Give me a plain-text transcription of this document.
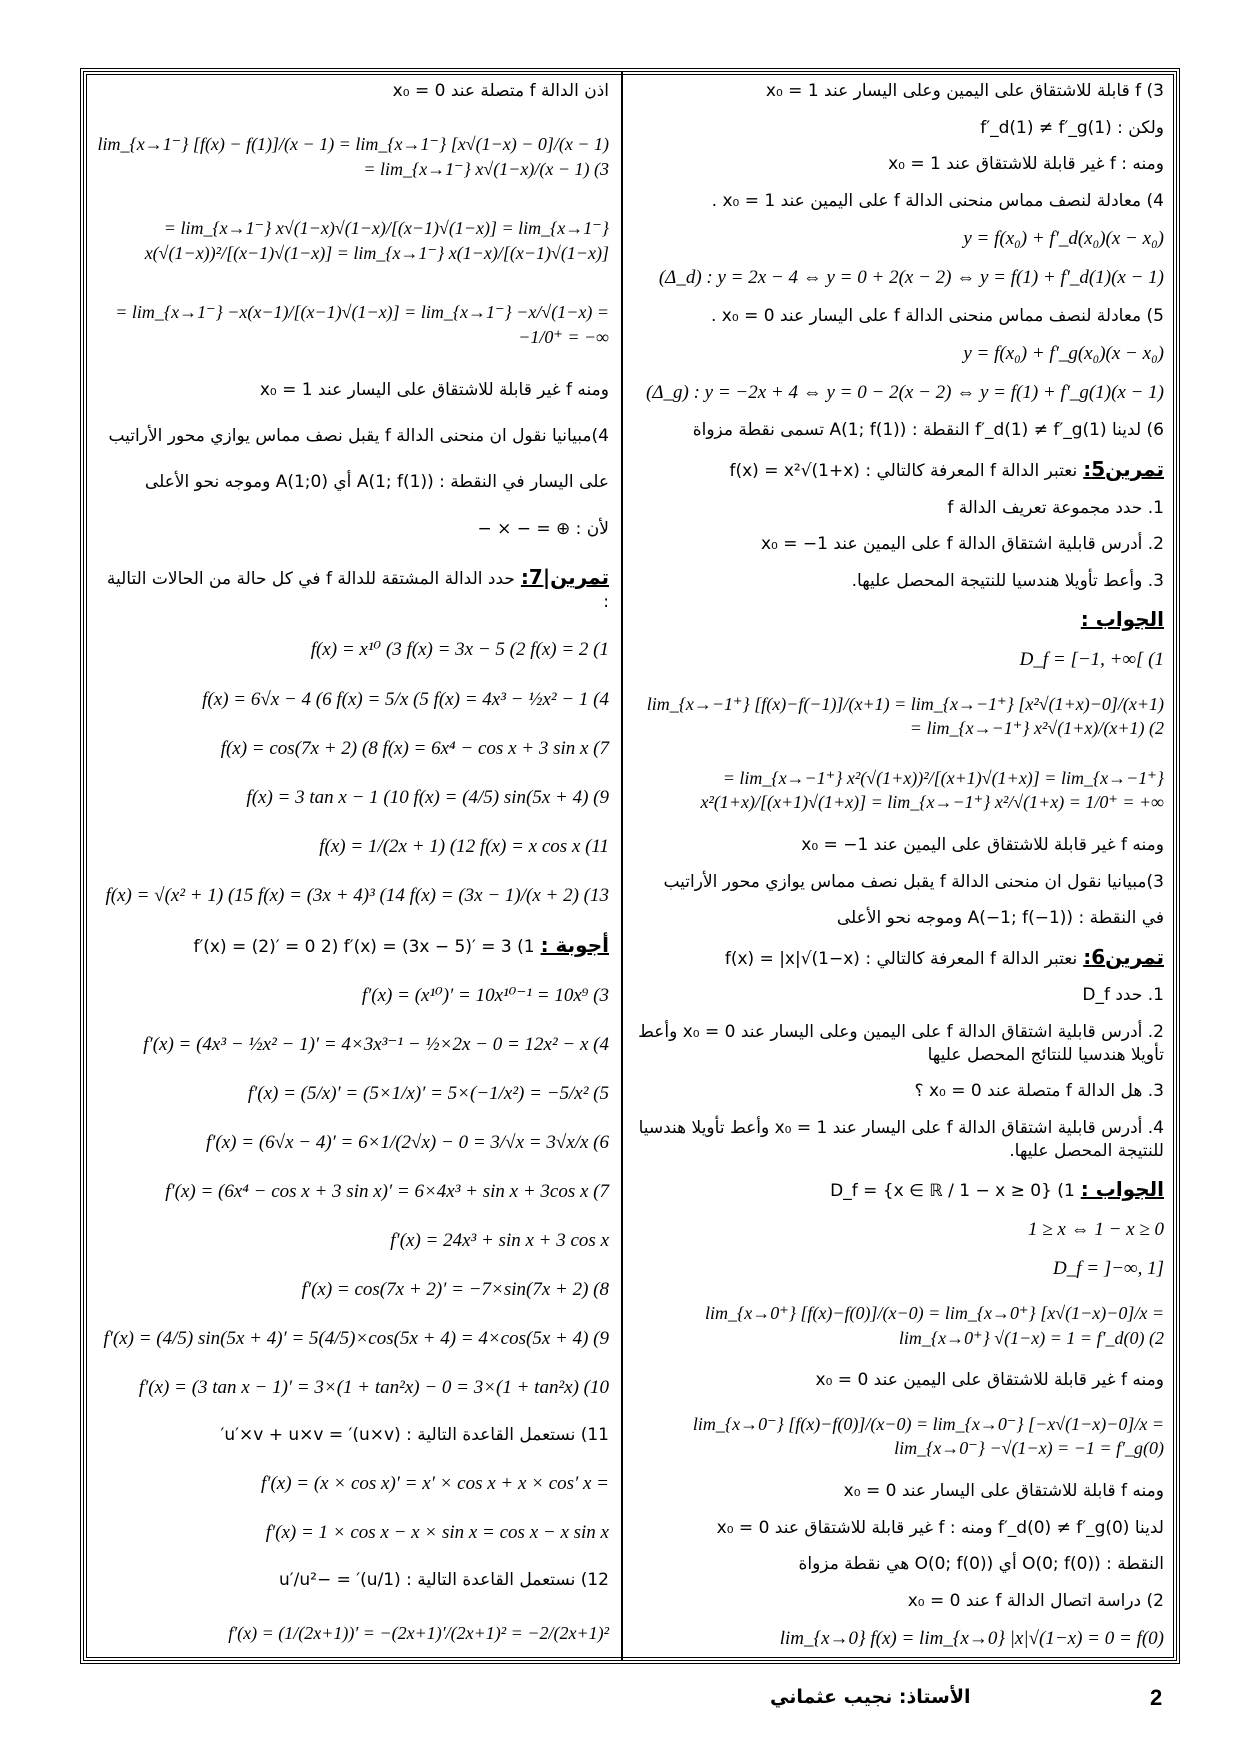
3) f قابلة للاشتقاق على اليمين وعلى اليسار عند x₀ = 1
ولكن : f′_d(1) ≠ f′_g(1)
ومنه : f غير قابلة للاشتقاق عند x₀ = 1
4) معادلة لنصف مماس منحنى الدالة f على اليمين عند x₀ = 1 .
y = f(x₀) + f′_d(x₀)(x − x₀)
(Δ_d) : y = 2x − 4 ⇔ y = 0 + 2(x − 2) ⇔ y = f(1) + f′_d(1)(x − 1)
5) معادلة لنصف مماس منحنى الدالة f على اليسار عند x₀ = 0 .
y = f(x₀) + f′_g(x₀)(x − x₀)
(Δ_g) : y = −2x + 4 ⇔ y = 0 − 2(x − 2) ⇔ y = f(1) + f′_g(1)(x − 1)
6) لدينا f′_d(1) ≠ f′_g(1) النقطة : A(1; f(1)) تسمى نقطة مزواة
تمرين5:نعتبر الدالة f المعرفة كالتالي : f(x) = x²√(1+x)
1. حدد مجموعة تعريف الدالة f
2. أدرس قابلية اشتقاق الدالة f على اليمين عند x₀ = −1
3. وأعط تأويلا هندسيا للنتيجة المحصل عليها.
الجواب :
D_f = [−1, +∞[ (1
lim_{x→−1⁺} [f(x)−f(−1)]/(x+1) = lim_{x→−1⁺} [x²√(1+x)−0]/(x+1) = lim_{x→−1⁺} x²√(1+x)/(x+1) (2
= lim_{x→−1⁺} x²(√(1+x))²/[(x+1)√(1+x)] = lim_{x→−1⁺} x²(1+x)/[(x+1)√(1+x)] = lim_{x→−1⁺} x²/√(1+x) = 1/0⁺ = +∞
ومنه f غير قابلة للاشتقاق على اليمين عند x₀ = −1
3)مبيانيا نقول ان منحنى الدالة f يقبل نصف مماس يوازي محور الأراتيب
في النقطة : A(−1; f(−1)) وموجه نحو الأعلى
تمرين6:نعتبر الدالة f المعرفة كالتالي : f(x) = |x|√(1−x)
1. حدد D_f
2. أدرس قابلية اشتقاق الدالة f على اليمين وعلى اليسار عند x₀ = 0 وأعط تأويلا هندسيا للنتائج المحصل عليها
3. هل الدالة f متصلة عند x₀ = 0 ؟
4. أدرس قابلية اشتقاق الدالة f على اليسار عند x₀ = 1 وأعط تأويلا هندسيا للنتيجة المحصل عليها.
الجواب :1) D_f = {x ∈ ℝ / 1 − x ≥ 0}
1 ≥ x ⇔ 1 − x ≥ 0
D_f = ]−∞, 1]
lim_{x→0⁺} [f(x)−f(0)]/(x−0) = lim_{x→0⁺} [x√(1−x)−0]/x = lim_{x→0⁺} √(1−x) = 1 = f′_d(0) (2
ومنه f غير قابلة للاشتقاق على اليمين عند x₀ = 0
lim_{x→0⁻} [f(x)−f(0)]/(x−0) = lim_{x→0⁻} [−x√(1−x)−0]/x = lim_{x→0⁻} −√(1−x) = −1 = f′_g(0)
ومنه f قابلة للاشتقاق على اليسار عند x₀ = 0
لدينا f′_d(0) ≠ f′_g(0) ومنه : f غير قابلة للاشتقاق عند x₀ = 0
النقطة : O(0; f(0)) أي O(0; f(0)) هي نقطة مزواة
2) دراسة اتصال الدالة f عند x₀ = 0
lim_{x→0} f(x) = lim_{x→0} |x|√(1−x) = 0 = f(0)
اذن الدالة f متصلة عند x₀ = 0
lim_{x→1⁻} [f(x) − f(1)]/(x − 1) = lim_{x→1⁻} [x√(1−x) − 0]/(x − 1) = lim_{x→1⁻} x√(1−x)/(x − 1) (3
= lim_{x→1⁻} x√(1−x)√(1−x)/[(x−1)√(1−x)] = lim_{x→1⁻} x(√(1−x))²/[(x−1)√(1−x)] = lim_{x→1⁻} x(1−x)/[(x−1)√(1−x)]
= lim_{x→1⁻} −x(x−1)/[(x−1)√(1−x)] = lim_{x→1⁻} −x/√(1−x) = −1/0⁺ = −∞
ومنه f غير قابلة للاشتقاق على اليسار عند x₀ = 1
4)مبيانيا نقول ان منحنى الدالة f يقبل نصف مماس يوازي محور الأراتيب
على اليسار في النقطة : A(1; f(1)) أي A(1;0) وموجه نحو الأعلى
لأن : ⊕ = − × −
تمرين|7:حدد الدالة المشتقة للدالة f في كل حالة من الحالات التالية :
f(x) = x¹⁰ (3 f(x) = 3x − 5 (2 f(x) = 2 (1
f(x) = 6√x − 4 (6 f(x) = 5/x (5 f(x) = 4x³ − ½x² − 1 (4
f(x) = cos(7x + 2) (8 f(x) = 6x⁴ − cos x + 3 sin x (7
f(x) = 3 tan x − 1 (10 f(x) = (4/5) sin(5x + 4) (9
f(x) = 1/(2x + 1) (12 f(x) = x cos x (11
f(x) = √(x² + 1) (15 f(x) = (3x + 4)³ (14 f(x) = (3x − 1)/(x + 2) (13
أجوبة :1) f′(x) = (2)′ = 0 2) f′(x) = (3x − 5)′ = 3
f′(x) = (x¹⁰)′ = 10x¹⁰⁻¹ = 10x⁹ (3
f′(x) = (4x³ − ½x² − 1)′ = 4×3x³⁻¹ − ½×2x − 0 = 12x² − x (4
f′(x) = (5/x)′ = (5×1/x)′ = 5×(−1/x²) = −5/x² (5
f′(x) = (6√x − 4)′ = 6×1/(2√x) − 0 = 3/√x = 3√x/x (6
f′(x) = (6x⁴ − cos x + 3 sin x)′ = 6×4x³ + sin x + 3cos x (7
f′(x) = 24x³ + sin x + 3 cos x
f′(x) = cos(7x + 2)′ = −7×sin(7x + 2) (8
f′(x) = (4/5) sin(5x + 4)′ = 5(4/5)×cos(5x + 4) = 4×cos(5x + 4) (9
f′(x) = (3 tan x − 1)′ = 3×(1 + tan²x) − 0 = 3×(1 + tan²x) (10
11) نستعمل القاعدة التالية : (u×v)′ = u′×v + u×v′
f′(x) = (x × cos x)′ = x′ × cos x + x × cos′ x =
f′(x) = 1 × cos x − x × sin x = cos x − x sin x
12) نستعمل القاعدة التالية : (1/u)′ = −u′/u²
f′(x) = (1/(2x+1))′ = −(2x+1)′/(2x+1)² = −2/(2x+1)²
2
الأستاذ: نجيب عثماني
